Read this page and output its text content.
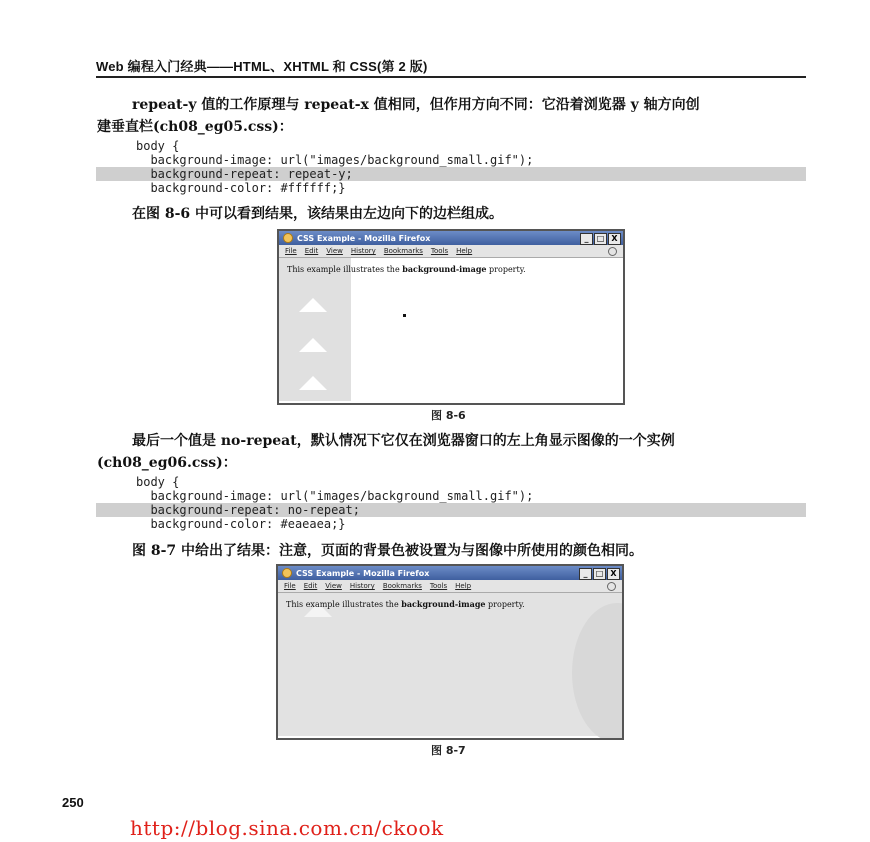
Web 编程入门经典——HTML、XHTML 和 CSS(第 2 版)
repeat-y 值的工作原理与 repeat-x 值相同，但作用方向不同：它沿着浏览器 y 轴方向创
建垂直栏(ch08_eg05.css)：
body {
background-image: url("images/background_small.gif");
background-repeat: repeat-y;
background-color: #ffffff;}
在图 8-6 中可以看到结果，该结果由左边向下的边栏组成。
CSS Example - Mozilla Firefox	_	□ X
File Edit View History Bookmarks Tools Help
This example illustrates the background-image property.
图 8-6
最后一个值是 no-repeat，默认情况下它仅在浏览器窗口的左上角显示图像的一个实例
(ch08_eg06.css)：
body {
background-image: url("images/background_small.gif");
background-repeat: no-repeat;
background-color: #eaeaea;}
图 8-7 中给出了结果：注意，页面的背景色被设置为与图像中所使用的颜色相同。
CSS Example - Mozilla Firefox	_	□ X
File Edit View History Bookmarks Tools Help
This example illustrates the background-image property.
图 8-7
250
http://blog.sina.com.cn/ckook
